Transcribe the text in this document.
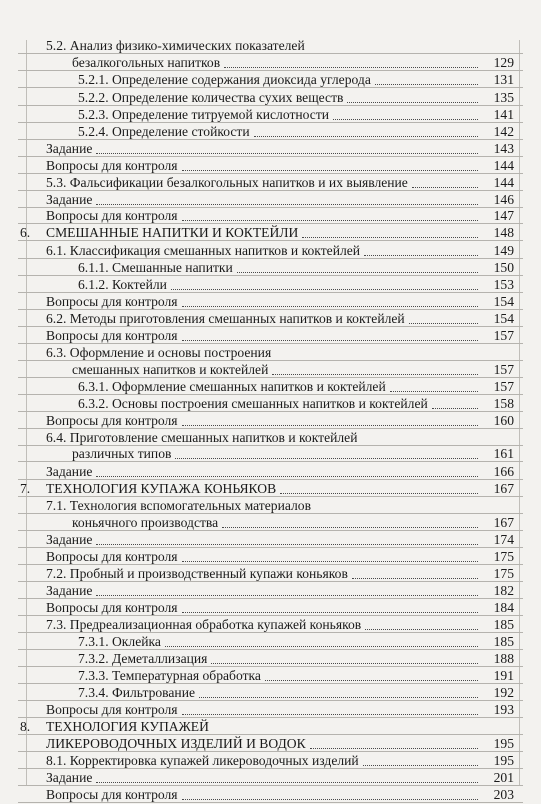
5.2. Анализ физико-химических показателей
безалкогольных напитков	129
5.2.1. Определение содержания диоксида углерода	131
5.2.2. Определение количества сухих веществ	135
5.2.3. Определение титруемой кислотности	141
5.2.4. Определение стойкости	142
Задание	143
Вопросы для контроля	144
5.3. Фальсификации безалкогольных напитков и их выявление	144
Задание	146
Вопросы для контроля	147
6. СМЕШАННЫЕ НАПИТКИ И КОКТЕЙЛИ	148
6.1. Классификация смешанных напитков и коктейлей	149
6.1.1. Смешанные напитки	150
6.1.2. Коктейли	153
Вопросы для контроля	154
6.2. Методы приготовления смешанных напитков и коктейлей	154
Вопросы для контроля	157
6.3. Оформление и основы построения
смешанных напитков и коктейлей	157
6.3.1. Оформление смешанных напитков и коктейлей	157
6.3.2. Основы построения смешанных напитков и коктейлей	158
Вопросы для контроля	160
6.4. Приготовление смешанных напитков и коктейлей
различных типов	161
Задание	166
7. ТЕХНОЛОГИЯ КУПАЖА КОНЬЯКОВ	167
7.1. Технология вспомогательных материалов
коньячного производства	167
Задание	174
Вопросы для контроля	175
7.2. Пробный и производственный купажи коньяков	175
Задание	182
Вопросы для контроля	184
7.3. Предреализационная обработка купажей коньяков	185
7.3.1. Оклейка	185
7.3.2. Деметаллизация	188
7.3.3. Температурная обработка	191
7.3.4. Фильтрование	192
Вопросы для контроля	193
8. ТЕХНОЛОГИЯ КУПАЖЕЙ
ЛИКЕРОВОДОЧНЫХ ИЗДЕЛИЙ И ВОДОК	195
8.1. Корректировка купажей ликероводочных изделий	195
Задание	201
Вопросы для контроля	203
